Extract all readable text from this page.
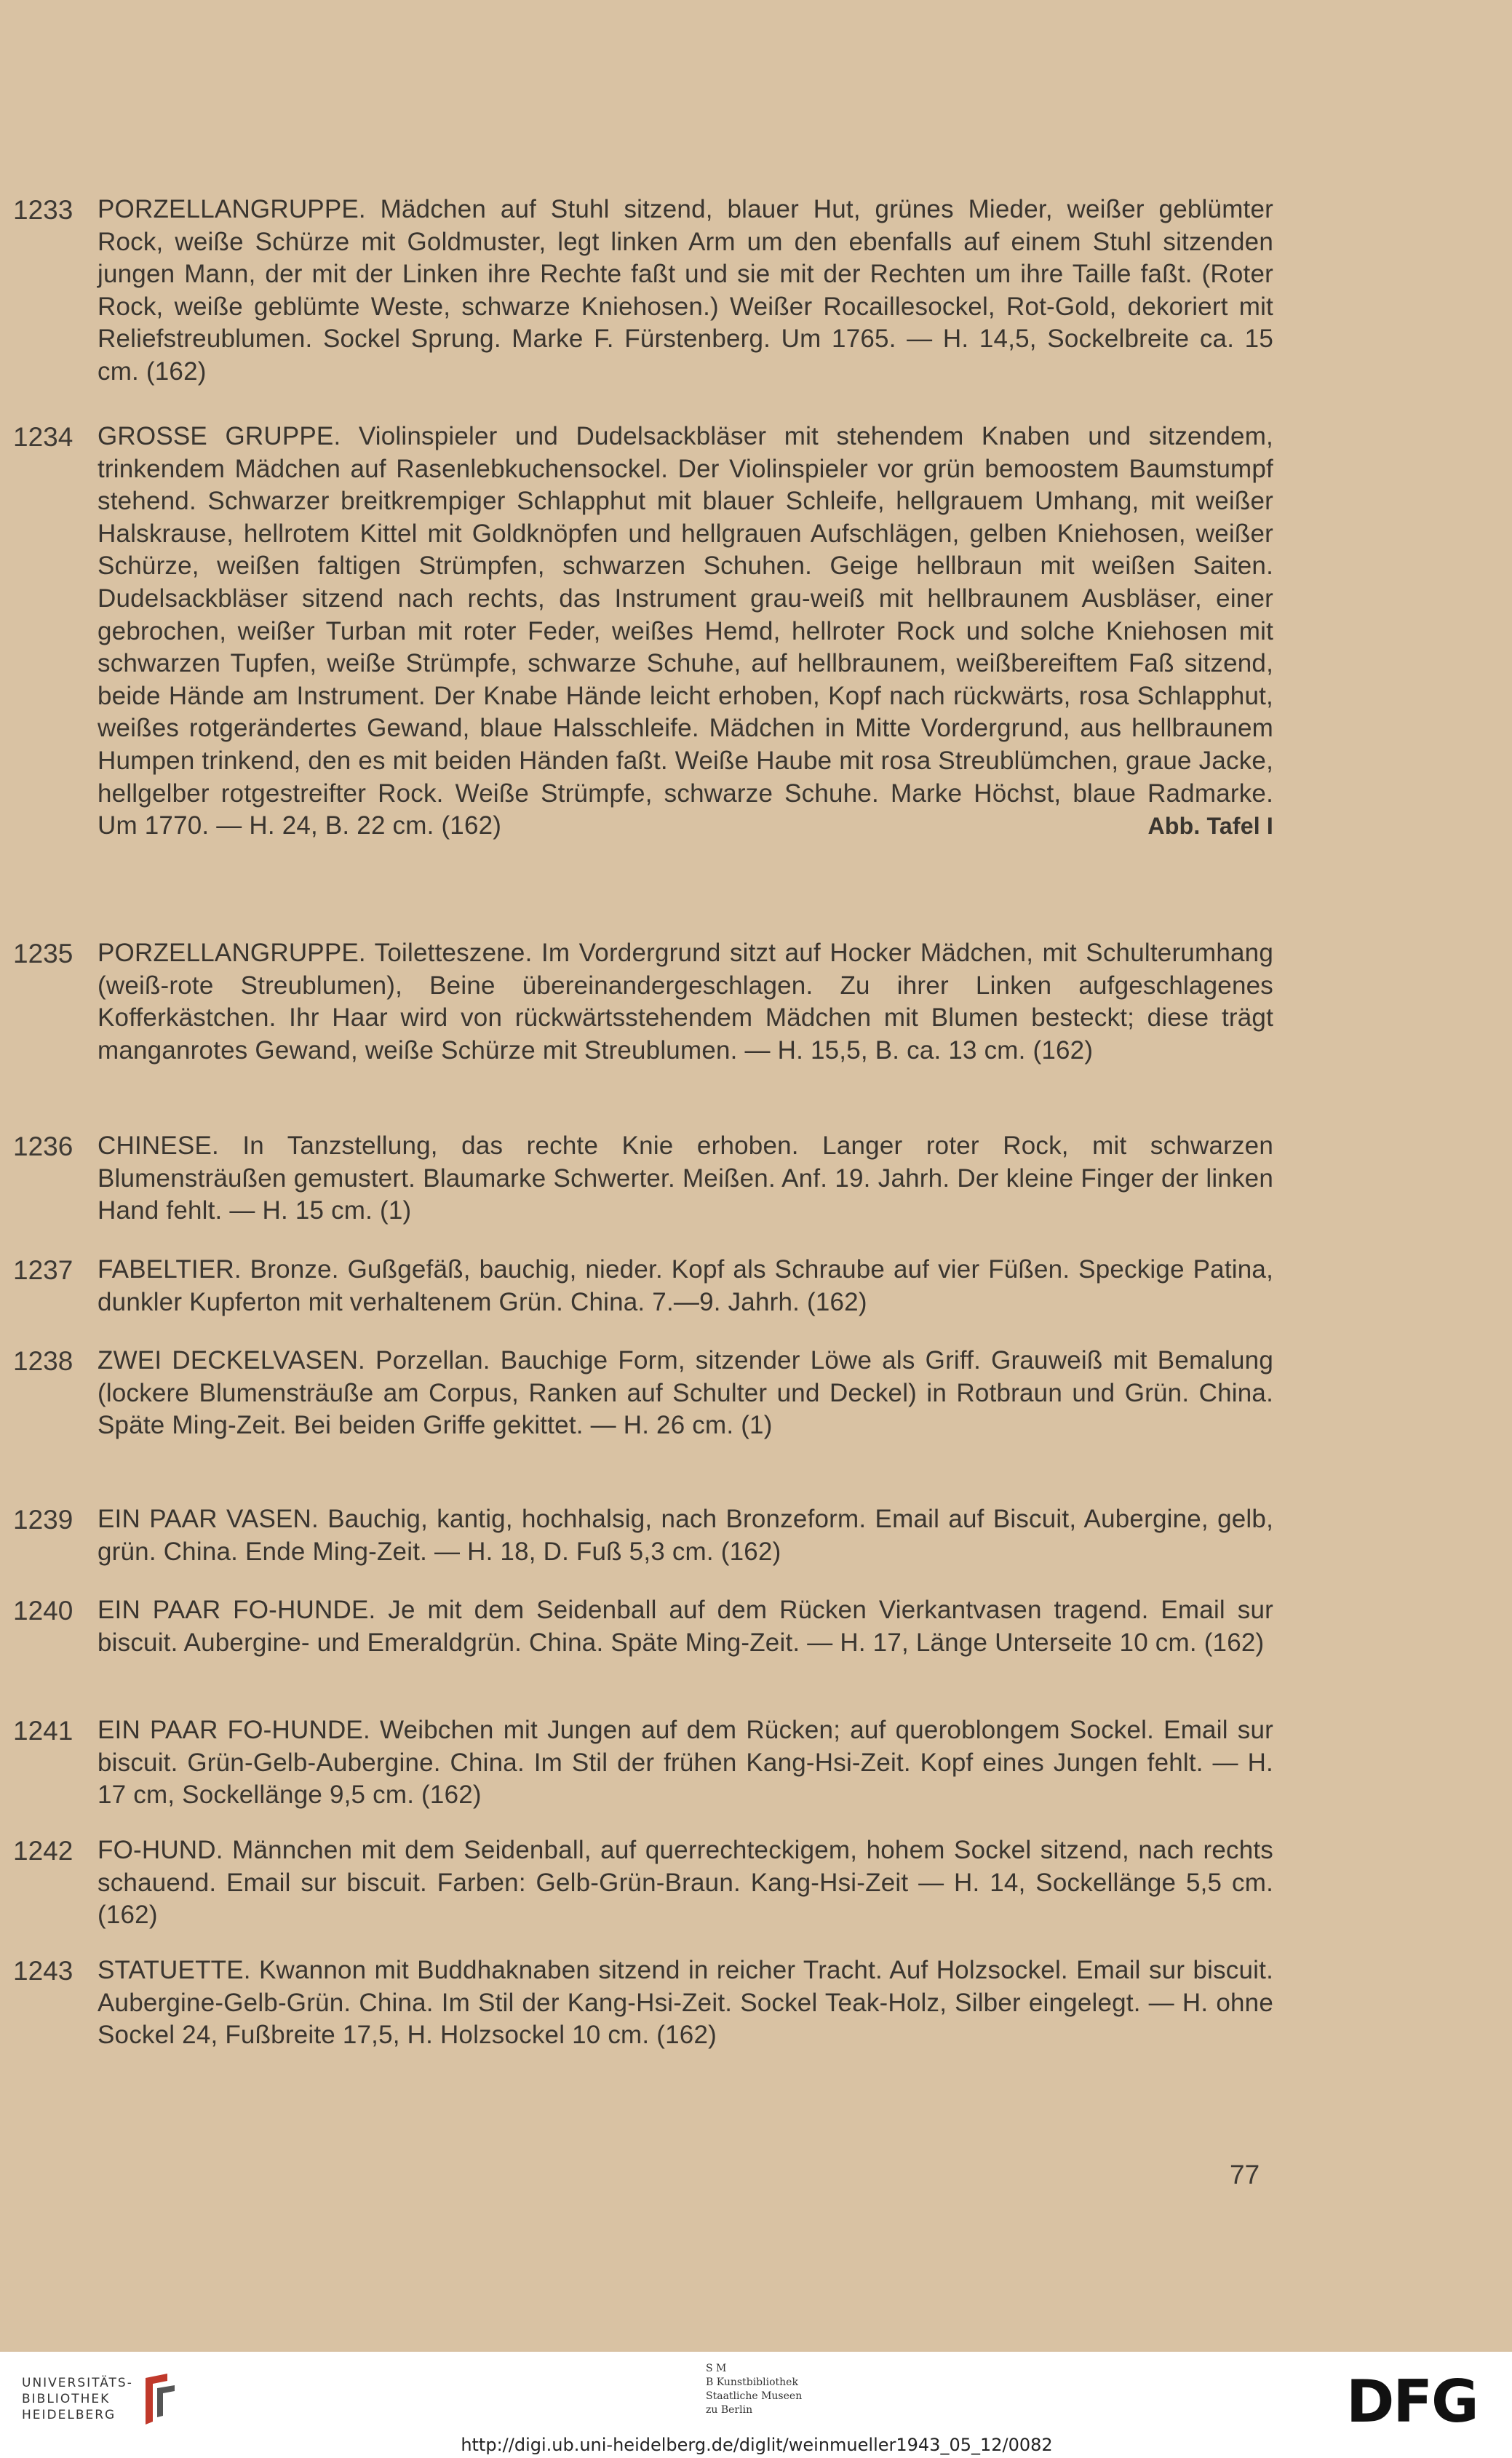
1233 PORZELLANGRUPPE. Mädchen auf Stuhl sitzend, blauer Hut, grünes Mieder, weißer geblümter Rock, weiße Schürze mit Goldmuster, legt linken Arm um den ebenfalls auf einem Stuhl sitzenden jungen Mann, der mit der Linken ihre Rechte faßt und sie mit der Rechten um ihre Taille faßt. (Roter Rock, weiße geblümte Weste, schwarze Kniehosen.) Weißer Rocaillesockel, Rot-Gold, dekoriert mit Reliefstreublumen. Sockel Sprung. Marke F. Fürstenberg. Um 1765. — H. 14,5, Sockelbreite ca. 15 cm. (162)

1234 GROSSE GRUPPE. Violinspieler und Dudelsackbläser mit stehendem Knaben und sitzendem, trinkendem Mädchen auf Rasenlebkuchensockel. Der Violinspieler vor grün bemoostem Baumstumpf stehend. Schwarzer breitkrempiger Schlapphut mit blauer Schleife, hellgrauem Umhang, mit weißer Halskrause, hellrotem Kittel mit Goldknöpfen und hellgrauen Aufschlägen, gelben Kniehosen, weißer Schürze, weißen faltigen Strümpfen, schwarzen Schuhen. Geige hellbraun mit weißen Saiten. Dudelsackbläser sitzend nach rechts, das Instrument grau-weiß mit hellbraunem Ausbläser, einer gebrochen, weißer Turban mit roter Feder, weißes Hemd, hellroter Rock und solche Kniehosen mit schwarzen Tupfen, weiße Strümpfe, schwarze Schuhe, auf hellbraunem, weißbereiftem Faß sitzend, beide Hände am Instrument. Der Knabe Hände leicht erhoben, Kopf nach rückwärts, rosa Schlapphut, weißes rotgerändertes Gewand, blaue Halsschleife. Mädchen in Mitte Vordergrund, aus hellbraunem Humpen trinkend, den es mit beiden Händen faßt. Weiße Haube mit rosa Streublümchen, graue Jacke, hellgelber rotgestreifter Rock. Weiße Strümpfe, schwarze Schuhe. Marke Höchst, blaue Radmarke. Um 1770. — H. 24, B. 22 cm. (162)	Abb. Tafel I

1235 PORZELLANGRUPPE. Toiletteszene. Im Vordergrund sitzt auf Hocker Mädchen, mit Schulterumhang (weiß-rote Streublumen), Beine übereinandergeschlagen. Zu ihrer Linken aufgeschlagenes Kofferkästchen. Ihr Haar wird von rückwärtsstehendem Mädchen mit Blumen besteckt; diese trägt manganrotes Gewand, weiße Schürze mit Streublumen. — H. 15,5, B. ca. 13 cm. (162)

1236 CHINESE. In Tanzstellung, das rechte Knie erhoben. Langer roter Rock, mit schwarzen Blumensträußen gemustert. Blaumarke Schwerter. Meißen. Anf. 19. Jahrh. Der kleine Finger der linken Hand fehlt. — H. 15 cm. (1)

1237 FABELTIER. Bronze. Gußgefäß, bauchig, nieder. Kopf als Schraube auf vier Füßen. Speckige Patina, dunkler Kupferton mit verhaltenem Grün. China. 7.—9. Jahrh. (162)

1238 ZWEI DECKELVASEN. Porzellan. Bauchige Form, sitzender Löwe als Griff. Grauweiß mit Bemalung (lockere Blumensträuße am Corpus, Ranken auf Schulter und Deckel) in Rotbraun und Grün. China. Späte Ming-Zeit. Bei beiden Griffe gekittet. — H. 26 cm. (1)

1239 EIN PAAR VASEN. Bauchig, kantig, hochhalsig, nach Bronzeform. Email auf Biscuit, Aubergine, gelb, grün. China. Ende Ming-Zeit. — H. 18, D. Fuß 5,3 cm. (162)

1240 EIN PAAR FO-HUNDE. Je mit dem Seidenball auf dem Rücken Vierkantvasen tragend. Email sur biscuit. Aubergine- und Emeraldgrün. China. Späte Ming-Zeit. — H. 17, Länge Unterseite 10 cm. (162)

1241 EIN PAAR FO-HUNDE. Weibchen mit Jungen auf dem Rücken; auf queroblongem Sockel. Email sur biscuit. Grün-Gelb-Aubergine. China. Im Stil der frühen Kang-Hsi-Zeit. Kopf eines Jungen fehlt. — H. 17 cm, Sockellänge 9,5 cm. (162)

1242 FO-HUND. Männchen mit dem Seidenball, auf querrechteckigem, hohem Sockel sitzend, nach rechts schauend. Email sur biscuit. Farben: Gelb-Grün-Braun. Kang-Hsi-Zeit — H. 14, Sockellänge 5,5 cm. (162)

1243 STATUETTE. Kwannon mit Buddhaknaben sitzend in reicher Tracht. Auf Holzsockel. Email sur biscuit. Aubergine-Gelb-Grün. China. Im Stil der Kang-Hsi-Zeit. Sockel Teak-Holz, Silber eingelegt. — H. ohne Sockel 24, Fußbreite 17,5, H. Holzsockel 10 cm. (162)

77
UNIVERSITÄTS-
BIBLIOTHEK
HEIDELBERG
S M
B Kunstbibliothek
Staatliche Museen
zu Berlin	DFG
http://digi.ub.uni-heidelberg.de/diglit/weinmueller1943_05_12/0082
